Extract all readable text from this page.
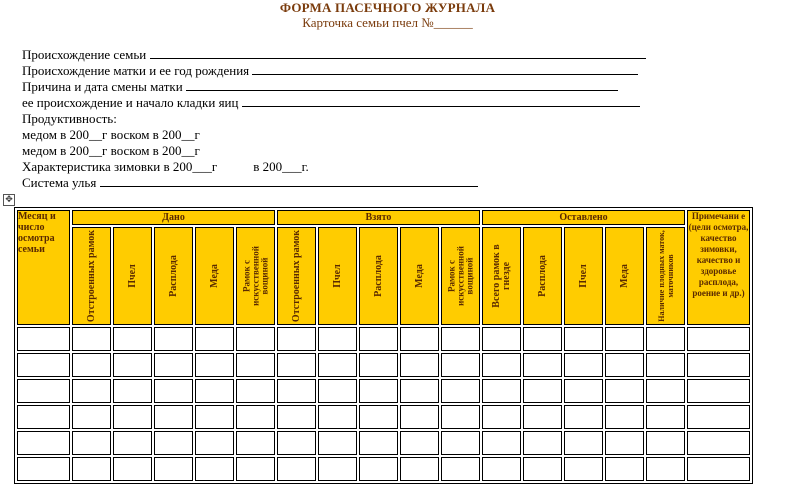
ФОРМА ПАСЕЧНОГО ЖУРНАЛА
Карточка семьи пчел №______
Происхождение семьи
Происхождение матки и ее год рождения
Причина и дата смены матки
ее происхождение и начало кладки яиц
Продуктивность:
медом в 200__г воском в 200__г
медом в 200__г воском в 200__г
Характеристика зимовки в 200___г	в 200___г.
Система улья
✥
Месяц и число осмотра семьи	Дано					Взято					Оставлено					Примечани е (цели осмотра, качество зимовки, качество и здоровье расплода, роение и др.)

	Отстроенных рамок	Пчел	Расплода	Меда	Рамок с искусственной вощиной	Отстроенных рамок	Пчел	Расплода	Меда	Рамок с искусственной вощиной	Всего рамок в гнезде	Расплода	Пчел	Меда	Наличие плодных маток, маточников	
